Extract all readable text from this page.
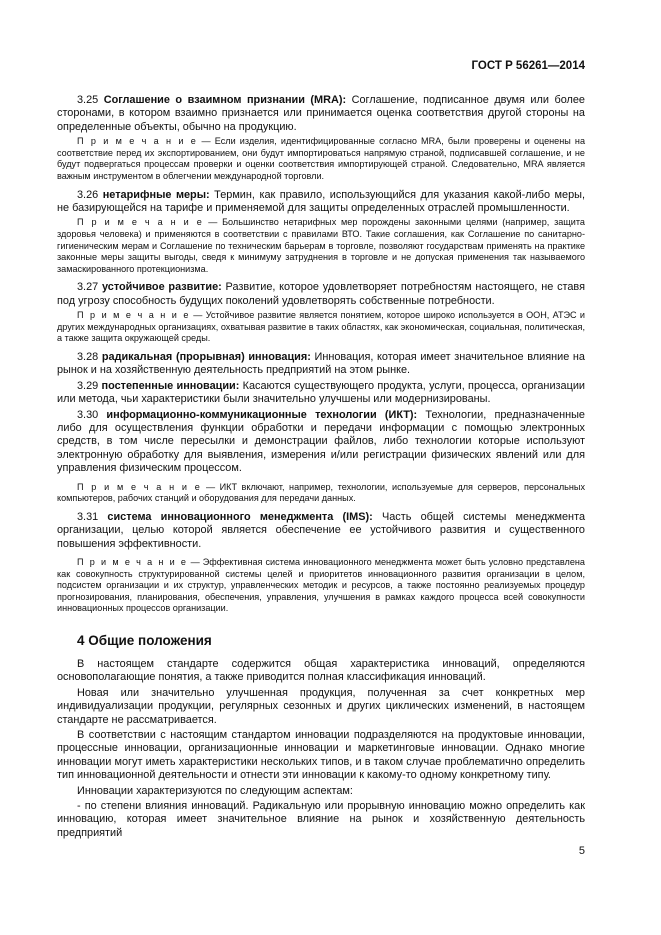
ГОСТ Р 56261—2014

3.25 Соглашение о взаимном признании (MRA): Соглашение, подписанное двумя или более сторонами, в котором взаимно признается или принимается оценка соответствия другой стороны на определенные объекты, обычно на продукцию.

П р и м е ч а н и е — Если изделия, идентифицированные согласно MRA, были проверены и оценены на соответствие перед их экспортированием, они будут импортироваться напрямую страной, подписавшей соглашение, и не будут подвергаться процессам проверки и оценки соответствия импортирующей страной. Следовательно, MRA является важным инструментом в облегчении международной торговли.

3.26 нетарифные меры: Термин, как правило, использующийся для указания какой-либо меры, не базирующейся на тарифе и применяемой для защиты определенных отраслей промышленности.

П р и м е ч а н и е — Большинство нетарифных мер порождены законными целями (например, защита здоровья человека) и применяются в соответствии с правилами ВТО. Такие соглашения, как Соглашение по санитарно-гигиеническим мерам и Соглашение по техническим барьерам в торговле, позволяют государствам применять на практике законные меры защиты выгоды, сведя к минимуму затруднения в торговле и не допуская применения так называемого замаскированного протекционизма.

3.27 устойчивое развитие: Развитие, которое удовлетворяет потребностям настоящего, не ставя под угрозу способность будущих поколений удовлетворять собственные потребности.

П р и м е ч а н и е — Устойчивое развитие является понятием, которое широко используется в ООН, АТЭС и других международных организациях, охватывая развитие в таких областях, как экономическая, социальная, политическая, а также защита окружающей среды.

3.28 радикальная (прорывная) инновация: Инновация, которая имеет значительное влияние на рынок и на хозяйственную деятельность предприятий на этом рынке.

3.29 постепенные инновации: Касаются существующего продукта, услуги, процесса, организации или метода, чьи характеристики были значительно улучшены или модернизированы.

3.30 информационно-коммуникационные технологии (ИКТ): Технологии, предназначенные либо для осуществления функции обработки и передачи информации с помощью электронных средств, в том числе пересылки и демонстрации файлов, либо технологии которые используют электронную обработку для выявления, измерения и/или регистрации физических явлений или для управления физическим процессом.

П р и м е ч а н и е — ИКТ включают, например, технологии, используемые для серверов, персональных компьютеров, рабочих станций и оборудования для передачи данных.

3.31 система инновационного менеджмента (IMS): Часть общей системы менеджмента организации, целью которой является обеспечение ее устойчивого развития и существенного повышения эффективности.

П р и м е ч а н и е — Эффективная система инновационного менеджмента может быть условно представлена как совокупность структурированной системы целей и приоритетов инновационного развития организации в целом, подсистем организации и их структур, управленческих методик и ресурсов, а также постоянно реализуемых процедур прогнозирования, планирования, обеспечения, управления, улучшения в рамках каждого процесса всей совокупности инновационных процессов организации.

4 Общие положения

В настоящем стандарте содержится общая характеристика инноваций, определяются основополагающие понятия, а также приводится полная классификация инноваций.

Новая или значительно улучшенная продукция, полученная за счет конкретных мер индивидуализации продукции, регулярных сезонных и других циклических изменений, в настоящем стандарте не рассматривается.

В соответствии с настоящим стандартом инновации подразделяются на продуктовые инновации, процессные инновации, организационные инновации и маркетинговые инновации. Однако многие инновации могут иметь характеристики нескольких типов, и в таком случае проблематично определить тип инновационной деятельности и отнести эти инновации к какому-то одному конкретному типу.

Инновации характеризуются по следующим аспектам:

- по степени влияния инноваций. Радикальную или прорывную инновацию можно определить как инновацию, которая имеет значительное влияние на рынок и хозяйственную деятельность предприятий

5
